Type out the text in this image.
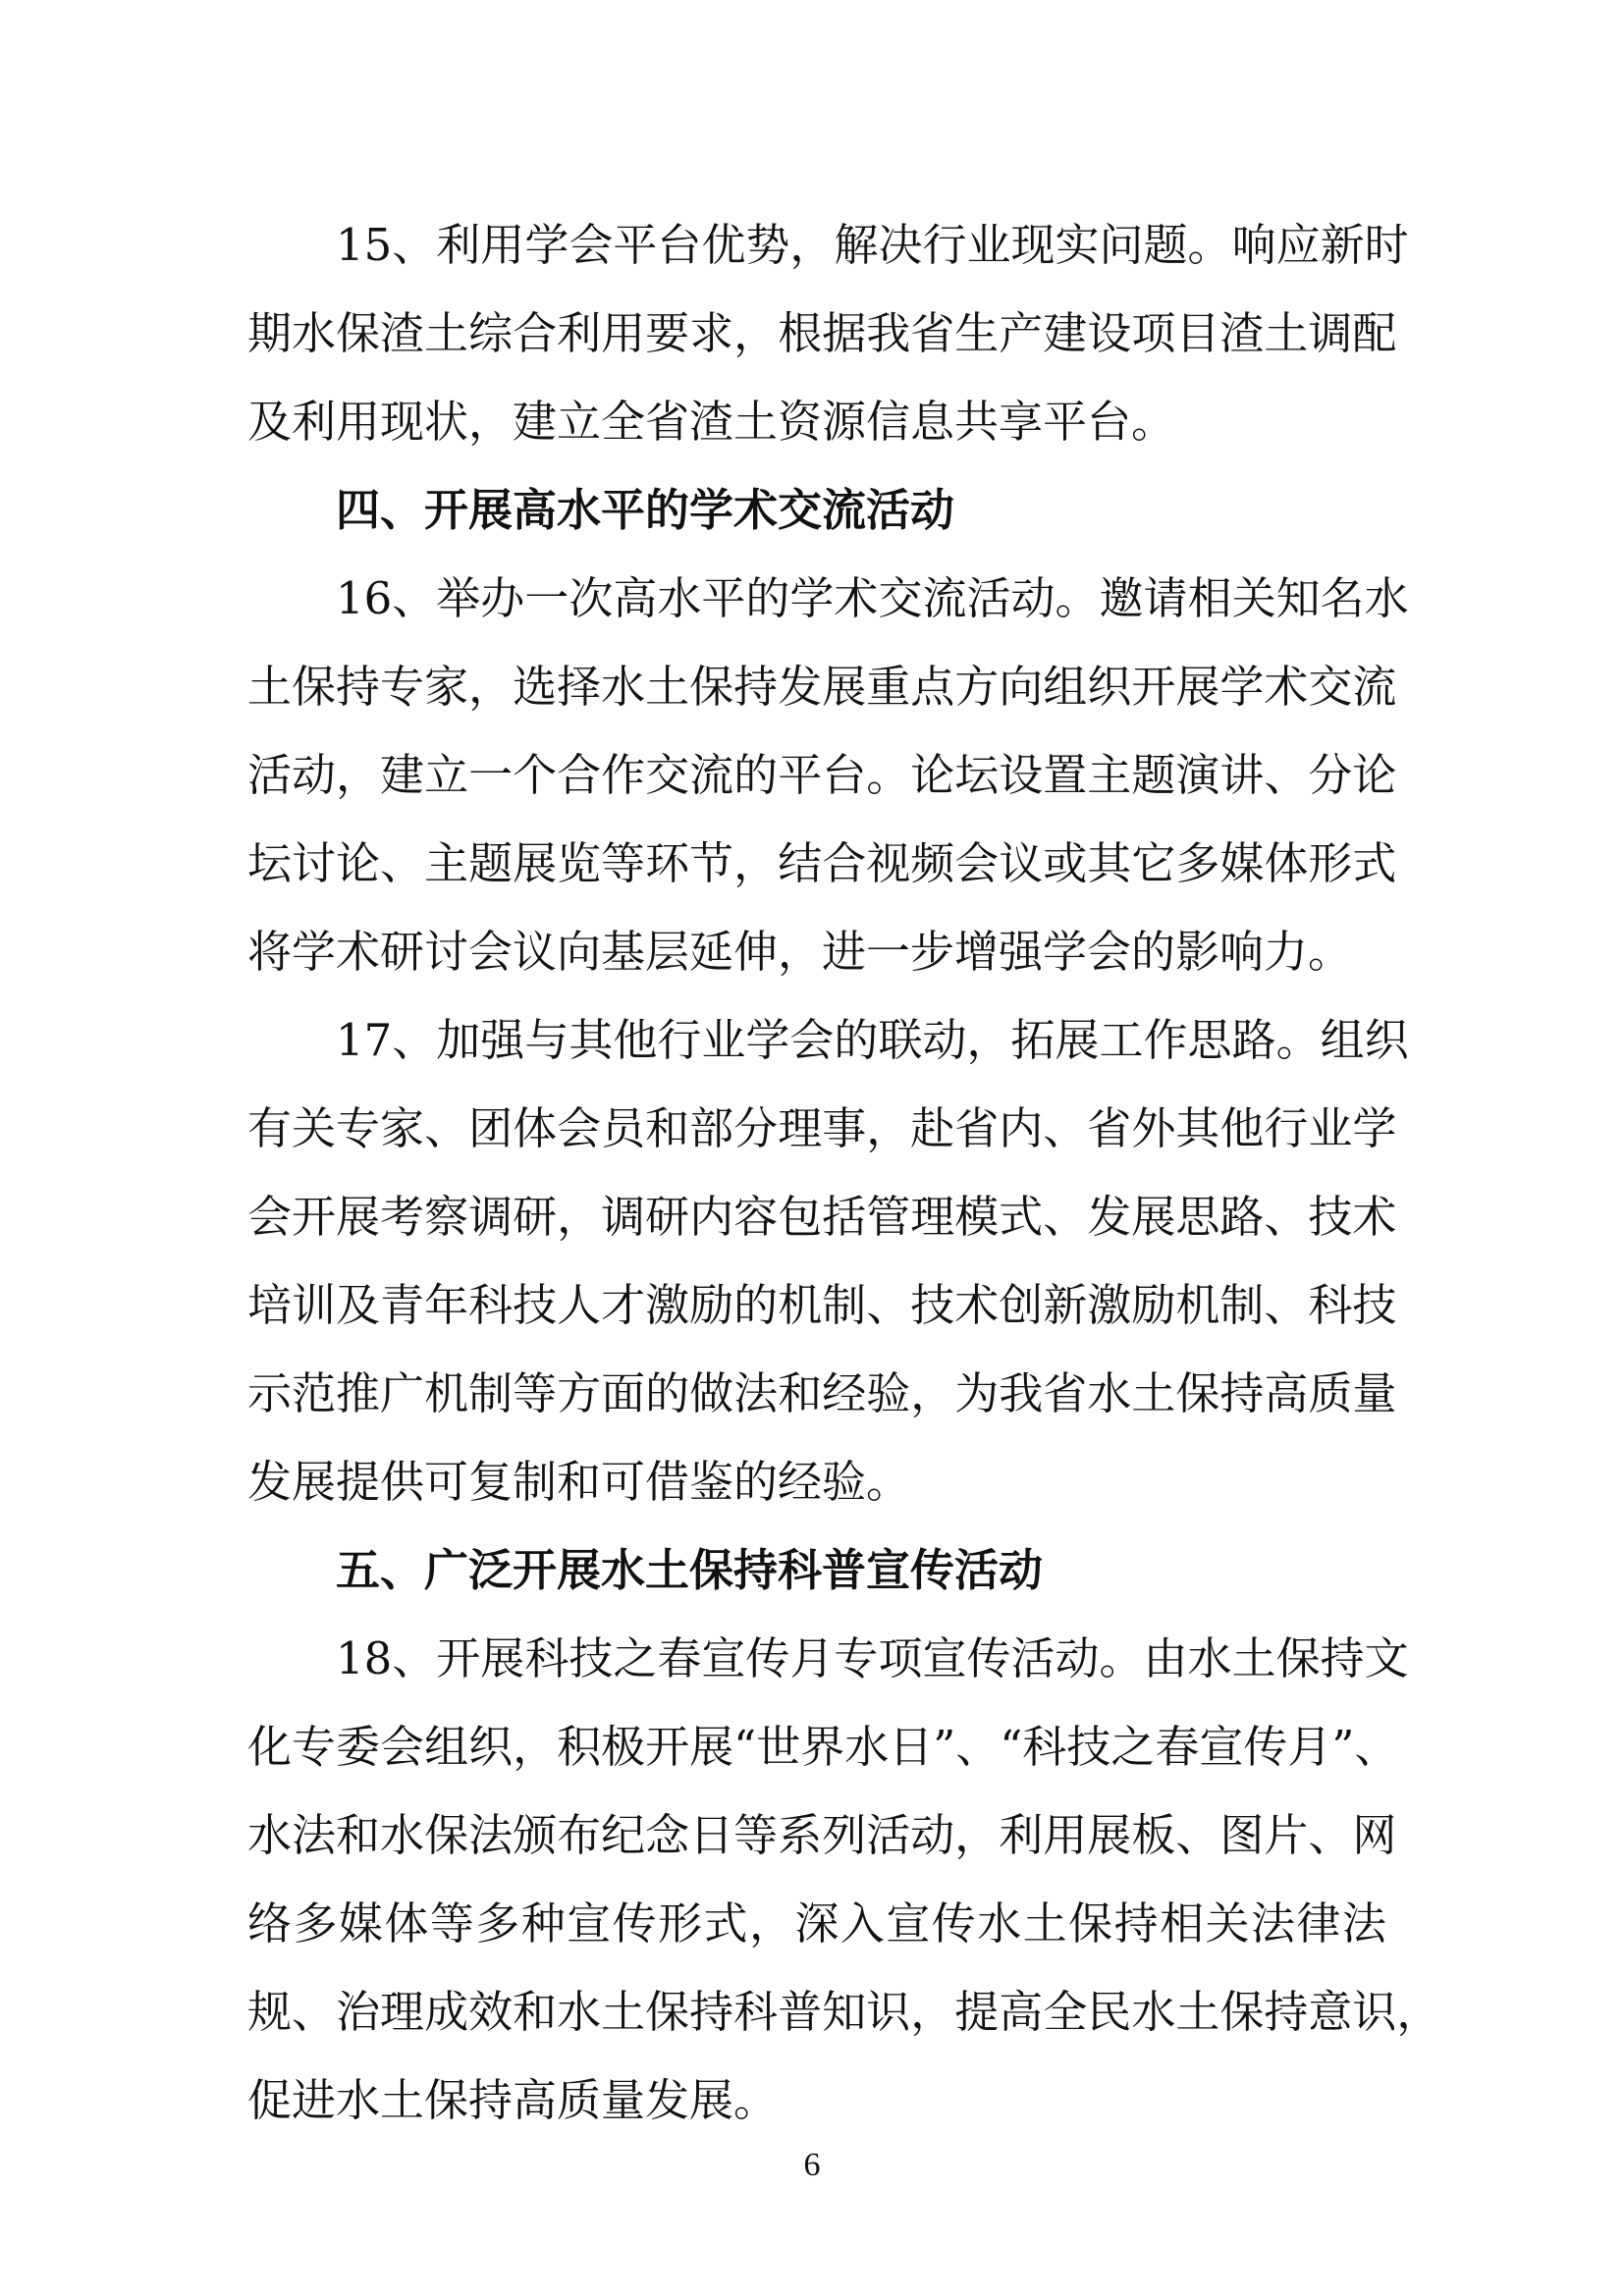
15 、 利 用 学 会 平 台 优 势 ， 解 决 行 业 现 实 问 题 。 响 应 新 时
期 水 保 渣 土 综 合 利 用 要 求 ， 根 据 我 省 生 产 建 设 项 目 渣 土 调 配
及利用现状，建立全省渣土资源信息共享平台。
四、开展高水平的学术交流活动
16 、 举 办 一 次 高 水 平 的 学 术 交 流 活 动 。 邀 请 相 关 知 名 水
土 保 持 专 家 ， 选 择 水 土 保 持 发 展 重 点 方 向 组 织 开 展 学 术 交 流
活 动 ， 建 立 一 个 合 作 交 流 的 平 台 。 论 坛 设 置 主 题 演 讲 、 分 论
坛 讨 论 、 主 题 展 览 等 环 节 ， 结 合 视 频 会 议 或 其 它 多 媒 体 形 式
将学术研讨会议向基层延伸，进一步增强学会的影响力。
17 、 加 强 与 其 他 行 业 学 会 的 联 动 ， 拓 展 工 作 思 路 。 组 织
有 关 专 家 、 团 体 会 员 和 部 分 理 事 ， 赴 省 内 、 省 外 其 他 行 业 学
会 开 展 考 察 调 研 ， 调 研 内 容 包 括 管 理 模 式 、 发 展 思 路 、 技 术
培 训 及 青 年 科 技 人 才 激 励 的 机 制 、 技 术 创 新 激 励 机 制 、 科 技
示 范 推 广 机 制 等 方 面 的 做 法 和 经 验 ， 为 我 省 水 土 保 持 高 质 量
发展提供可复制和可借鉴的经验。
五、广泛开展水土保持科普宣传活动
18 、 开 展 科 技 之 春 宣 传 月 专 项 宣 传 活 动 。 由 水 土 保 持 文
化 专 委 会 组 织 ， 积 极 开 展 “ 世 界 水 日 ” 、 “ 科 技 之 春 宣 传 月 ” 、
水 法 和 水 保 法 颁 布 纪 念 日 等 系 列 活 动 ， 利 用 展 板 、 图 片 、 网
络 多 媒 体 等 多 种 宣 传 形 式 ， 深 入 宣 传 水 土 保 持 相 关 法 律 法
规 、 治 理 成 效 和 水 土 保 持 科 普 知 识 ， 提 高 全 民 水 土 保 持 意 识 ，
促进水土保持高质量发展。
6
